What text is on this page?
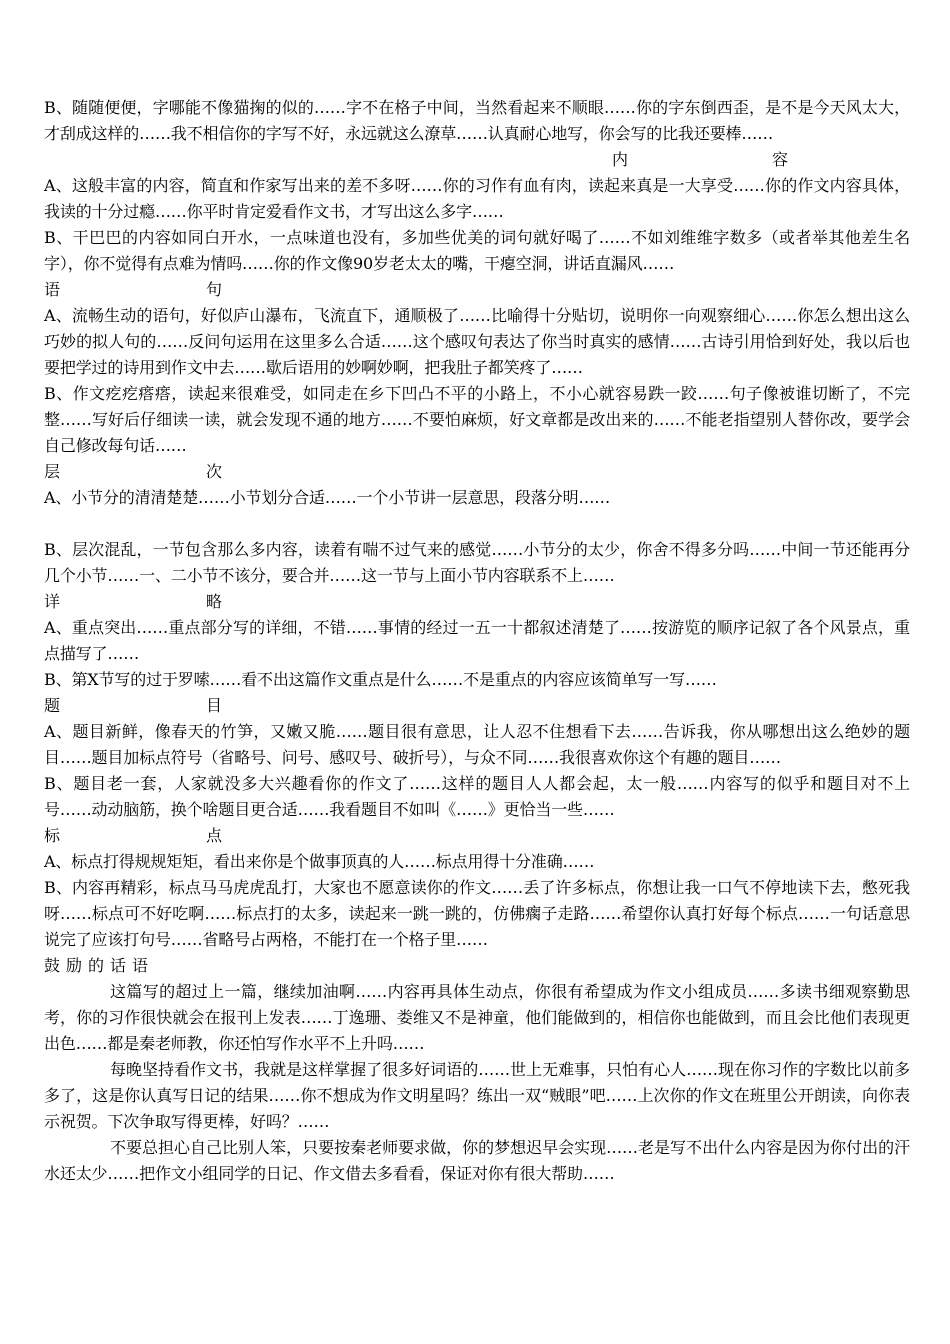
B、随随便便，字哪能不像猫掬的似的……字不在格子中间，当然看起来不顺眼……你的字东倒西歪，是不是今天风太大，才刮成这样的……我不相信你的字写不好，永远就这么潦草……认真耐心地写，你会写的比我还要棒……

内	容

A、这般丰富的内容，简直和作家写出来的差不多呀……你的习作有血有肉，读起来真是一大享受……你的作文内容具体，我读的十分过瘾……你平时肯定爱看作文书，才写出这么多字……

B、干巴巴的内容如同白开水，一点味道也没有，多加些优美的词句就好喝了……不如刘维维字数多（或者举其他差生名字），你不觉得有点难为情吗……你的作文像90岁老太太的嘴，干瘪空洞，讲话直漏风……

语	句

A、流畅生动的语句，好似庐山瀑布，飞流直下，通顺极了……比喻得十分贴切，说明你一向观察细心……你怎么想出这么巧妙的拟人句的……反问句运用在这里多么合适……这个感叹句表达了你当时真实的感情……古诗引用恰到好处，我以后也要把学过的诗用到作文中去……歇后语用的妙啊妙啊，把我肚子都笑疼了……

B、作文疙疙瘩瘩，读起来很难受，如同走在乡下凹凸不平的小路上，不小心就容易跌一跤……句子像被谁切断了，不完整……写好后仔细读一读，就会发现不通的地方……不要怕麻烦，好文章都是改出来的……不能老指望别人替你改，要学会自己修改每句话……

层	次

A、小节分的清清楚楚……小节划分合适……一个小节讲一层意思，段落分明……

B、层次混乱，一节包含那么多内容，读着有喘不过气来的感觉……小节分的太少，你舍不得多分吗……中间一节还能再分几个小节……一、二小节不该分，要合并……这一节与上面小节内容联系不上……

详	略

A、重点突出……重点部分写的详细，不错……事情的经过一五一十都叙述清楚了……按游览的顺序记叙了各个风景点，重点描写了……

B、第X节写的过于罗嗦……看不出这篇作文重点是什么……不是重点的内容应该简单写一写……

题	目

A、题目新鲜，像春天的竹笋，又嫩又脆……题目很有意思，让人忍不住想看下去……告诉我，你从哪想出这么绝妙的题目……题目加标点符号（省略号、问号、感叹号、破折号），与众不同……我很喜欢你这个有趣的题目……

B、题目老一套，人家就没多大兴趣看你的作文了……这样的题目人人都会起，太一般……内容写的似乎和题目对不上号……动动脑筋，换个啥题目更合适……我看题目不如叫《……》更恰当一些……

标	点

A、标点打得规规矩矩，看出来你是个做事顶真的人……标点用得十分准确……

B、内容再精彩，标点马马虎虎乱打，大家也不愿意读你的作文……丢了许多标点，你想让我一口气不停地读下去，憋死我呀……标点可不好吃啊……标点打的太多，读起来一跳一跳的，仿佛瘸子走路……希望你认真打好每个标点……一句话意思说完了应该打句号……省略号占两格，不能打在一个格子里……

鼓励的话语

这篇写的超过上一篇，继续加油啊……内容再具体生动点，你很有希望成为作文小组成员……多读书细观察勤思考，你的习作很快就会在报刊上发表……丁逸珊、娄维又不是神童，他们能做到的，相信你也能做到，而且会比他们表现更出色……都是秦老师教，你还怕写作水平不上升吗……

每晚坚持看作文书，我就是这样掌握了很多好词语的……世上无难事，只怕有心人……现在你习作的字数比以前多多了，这是你认真写日记的结果……你不想成为作文明星吗？练出一双“贼眼”吧……上次你的作文在班里公开朗读，向你表示祝贺。下次争取写得更棒，好吗？……

不要总担心自己比别人笨，只要按秦老师要求做，你的梦想迟早会实现……老是写不出什么内容是因为你付出的汗水还太少……把作文小组同学的日记、作文借去多看看，保证对你有很大帮助……
